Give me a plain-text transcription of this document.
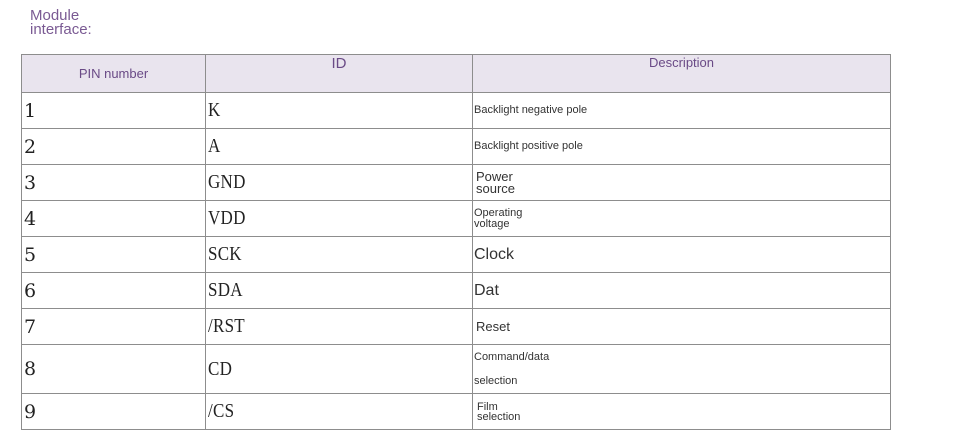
Module
interface:
PIN number	ID	Description
1	K	Backlight negative pole
2	A	Backlight positive pole
3	GND	Power source

4	VDD	Operating voltage

5	SCK	Clock
6	SDA	Dat
7	/RST	Reset

8	CD	Command/data selection

9	/CS	Film selection
